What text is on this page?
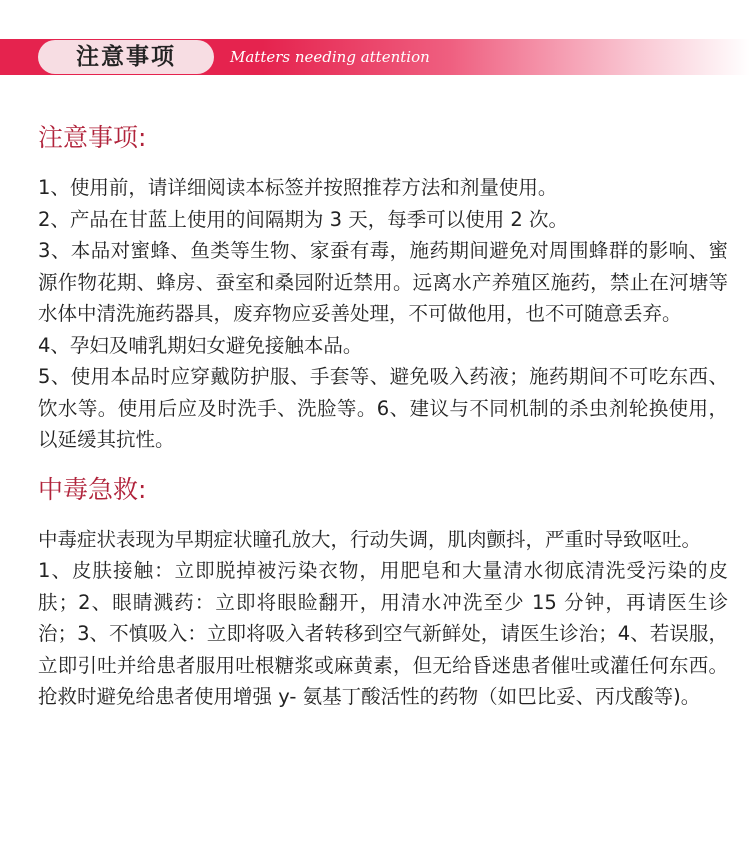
注意事项	Matters needing attention
注意事项:

1、使用前，请详细阅读本标签并按照推荐方法和剂量使用。

2、产品在甘蓝上使用的间隔期为 3 天，每季可以使用 2 次。

3、本品对蜜蜂、鱼类等生物、家蚕有毒，施药期间避免对周围蜂群的影响、蜜源作物花期、蜂房、蚕室和桑园附近禁用。远离水产养殖区施药，禁止在河塘等水体中清洗施药器具，废弃物应妥善处理，不可做他用，也不可随意丢弃。

4、孕妇及哺乳期妇女避免接触本品。

5、使用本品时应穿戴防护服、手套等、避免吸入药液；施药期间不可吃东西、饮水等。使用后应及时洗手、洗脸等。6、建议与不同机制的杀虫剂轮换使用，以延缓其抗性。

中毒急救:

中毒症状表现为早期症状瞳孔放大，行动失调，肌肉颤抖，严重时导致呕吐。

1、皮肤接触：立即脱掉被污染衣物，用肥皂和大量清水彻底清洗受污染的皮肤；2、眼睛溅药：立即将眼睑翻开，用清水冲洗至少 15 分钟，再请医生诊治；3、不慎吸入：立即将吸入者转移到空气新鲜处，请医生诊治；4、若误服，立即引吐并给患者服用吐根糖浆或麻黄素，但无给昏迷患者催吐或灌任何东西。抢救时避免给患者使用增强 y- 氨基丁酸活性的药物（如巴比妥、丙戊酸等)。
